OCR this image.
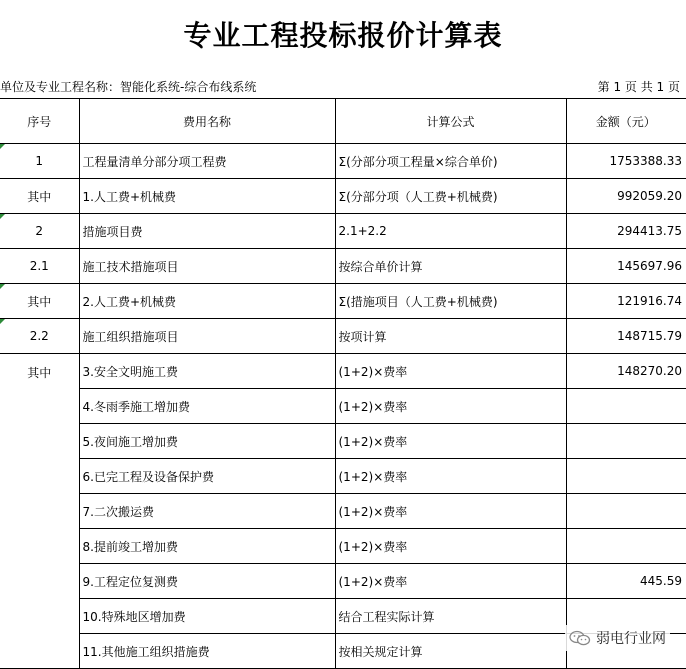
专业工程投标报价计算表
单位及专业工程名称：智能化系统-综合布线系统	第 1 页 共 1 页
序号	费用名称	计算公式	金额（元）
1	工程量清单分部分项工程费	Σ(分部分项工程量×综合单价)	1753388.33
其中	1.人工费+机械费	Σ(分部分项（人工费+机械费)	992059.20
2	措施项目费	2.1+2.2	294413.75
2.1	施工技术措施项目	按综合单价计算	145697.96
其中	2.人工费+机械费	Σ(措施项目（人工费+机械费)	121916.74
2.2	施工组织措施项目	按项计算	148715.79
其中	3.安全文明施工费	(1+2)×费率	148270.20
	4.冬雨季施工增加费	(1+2)×费率	
	5.夜间施工增加费	(1+2)×费率	
	6.已完工程及设备保护费	(1+2)×费率	
	7.二次搬运费	(1+2)×费率	
	8.提前竣工增加费	(1+2)×费率	
	9.工程定位复测费	(1+2)×费率	445.59
	10.特殊地区增加费	结合工程实际计算	
	11.其他施工组织措施费	按相关规定计算	
弱电行业网
